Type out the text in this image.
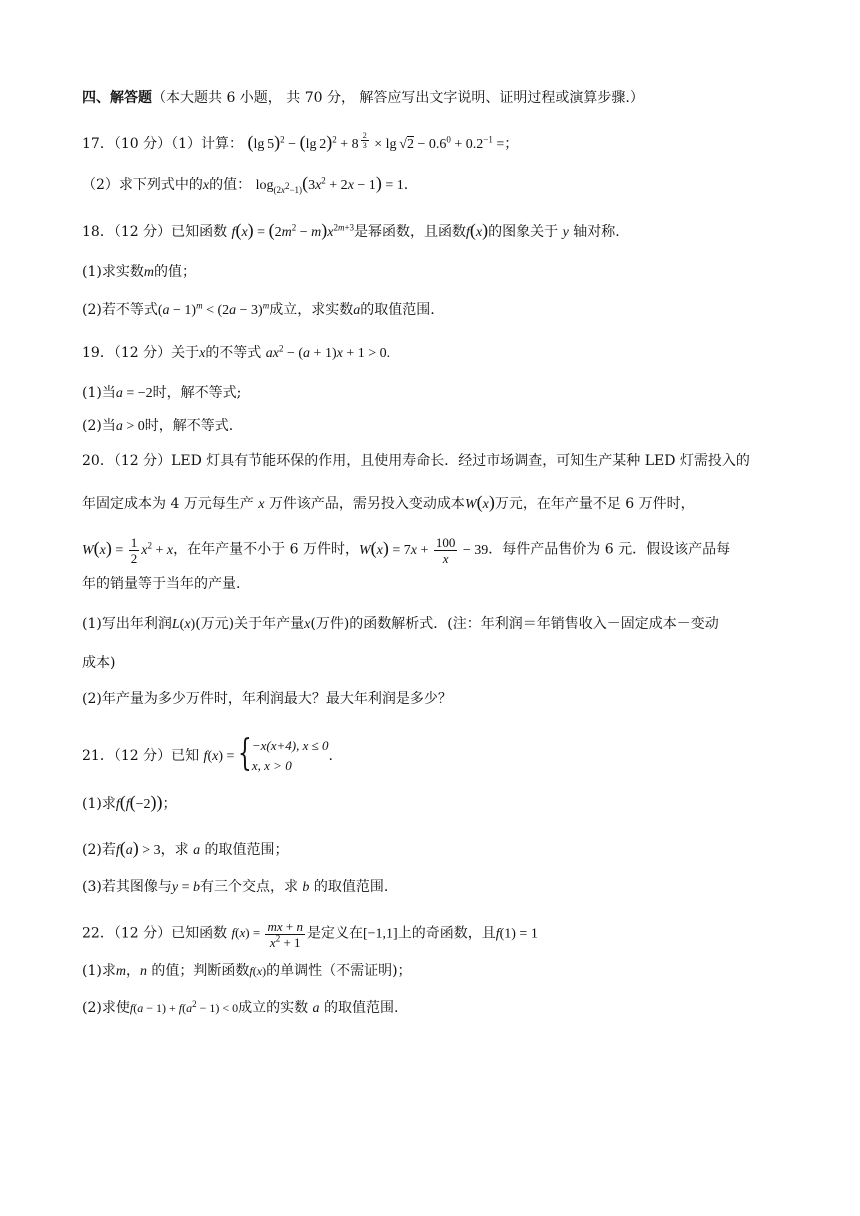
四、解答题（本大题共 6 小题， 共 70 分， 解答应写出文字说明、证明过程或演算步骤.）
17．（10 分）（1）计算： (lg 5)$^2$ − (lg 2)$^2$ + 8 $^{\frac{2}{3}} \times \lg √2 - 0.6^0 + 0.2^{-1}$ =；
（2）求下列式中的x的值： $\log_{(2x^2-1)}(3x^2 + 2x - 1) = 1$.
18．（12 分）已知函数 $f(x) = (2m^2 - m)x^{2m+3}$是幂函数，且函数f(x)的图象关于 y 轴对称.
(1)求实数m的值；
(2)若不等式$(a - 1)^m < (2a - 3)^m$成立，求实数a的取值范围.
19．（12 分）关于x的不等式 $ax^2 - (a + 1)x + 1 > 0$.
(1)当a = −2时，解不等式;
(2)当a > 0时，解不等式.
20．（12 分）LED 灯具有节能环保的作用，且使用寿命长．经过市场调查，可知生产某种 LED 灯需投入的
年固定成本为 4 万元每生产 x 万件该产品，需另投入变动成本W(x)万元，在年产量不足 6 万件时，
$W(x) = \frac{1}{2} x^2 + x$，在年产量不小于 6 万件时，$W(x) = 7x + \frac{100}{x} - 39$．每件产品售价为 6 元．假设该产品每
年的销量等于当年的产量.
(1)写出年利润L(x)(万元)关于年产量x(万件)的函数解析式．(注：年利润＝年销售收入－固定成本－变动
成本)
(2)年产量为多少万件时，年利润最大？最大年利润是多少？
21．（12 分）已知 f(x) = { −x(x+4), x ≤ 0
x, x > 0
.
(1)求f(f(−2))；
(2)若f(a) > 3，求 a 的取值范围；
(3)若其图像与y = b有三个交点，求 b 的取值范围.
22．（12 分）已知函数 $f(x) = \frac{mx + n}{x^2 + 1}$ 是定义在[−1,1]上的奇函数，且f(1) = 1
(1)求m，n 的值；判断函数f(x)的单调性（不需证明)；
(2)求使$f(a - 1) + f(a^2 - 1) < 0$成立的实数 a 的取值范围.
